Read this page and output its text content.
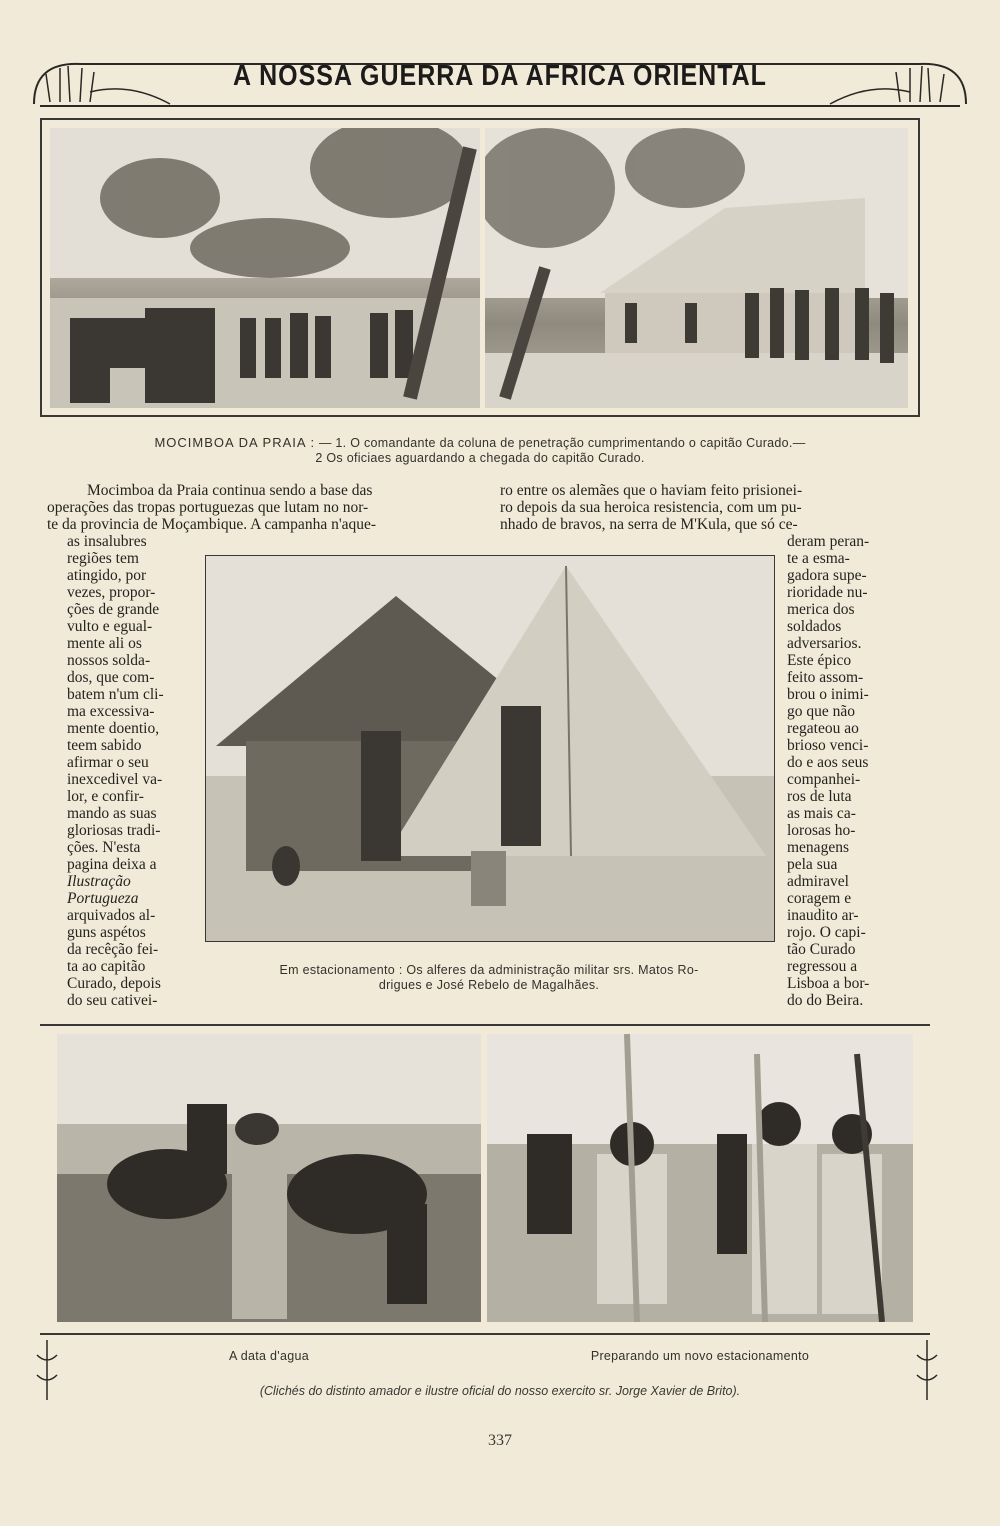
A NOSSA GUERRA DA AFRICA ORIENTAL
MOCIMBOA DA PRAIA : — 1. O comandante da coluna de penetração cumprimentando o capitão Curado.—
2 Os oficiaes aguardando a chegada do capitão Curado.
Mocimboa da Praia continua sendo a base das
operações das tropas portuguezas que lutam no nor-
te da provincia de Moçambique. A campanha n'aque-
ro entre os alemães que o haviam feito prisionei-
ro depois da sua heroica resistencia, com um pu-
nhado de bravos, na serra de M'Kula, que só ce-
as insalubres
regiões tem
atingido, por
vezes, propor-
ções de grande
vulto e egual-
mente ali os
nossos solda-
dos, que com-
batem n'um cli-
ma excessiva-
mente doentio,
teem sabido
afirmar o seu
inexcedivel va-
lor, e confir-
mando as suas
gloriosas tradi-
ções. N'esta
pagina deixa a
Ilustração
Portugueza
arquivados al-
guns aspétos
da recêção fei-
ta ao capitão
Curado, depois
do seu cativei-
deram peran-
te a esma-
gadora supe-
rioridade nu-
merica dos
soldados
adversarios.
Este épico
feito assom-
brou o inimi-
go que não
regateou ao
brioso venci-
do e aos seus
companhei-
ros de luta
as mais ca-
lorosas ho-
menagens
pela sua
admiravel
coragem e
inaudito ar-
rojo. O capi-
tão Curado
regressou a
Lisboa a bor-
do do Beira.
Em estacionamento : Os alferes da administração militar srs. Matos Ro-
drigues e José Rebelo de Magalhães.
A data d'agua	Preparando um novo estacionamento
(Clichés do distinto amador e ilustre oficial do nosso exercito sr. Jorge Xavier de Brito).
337
